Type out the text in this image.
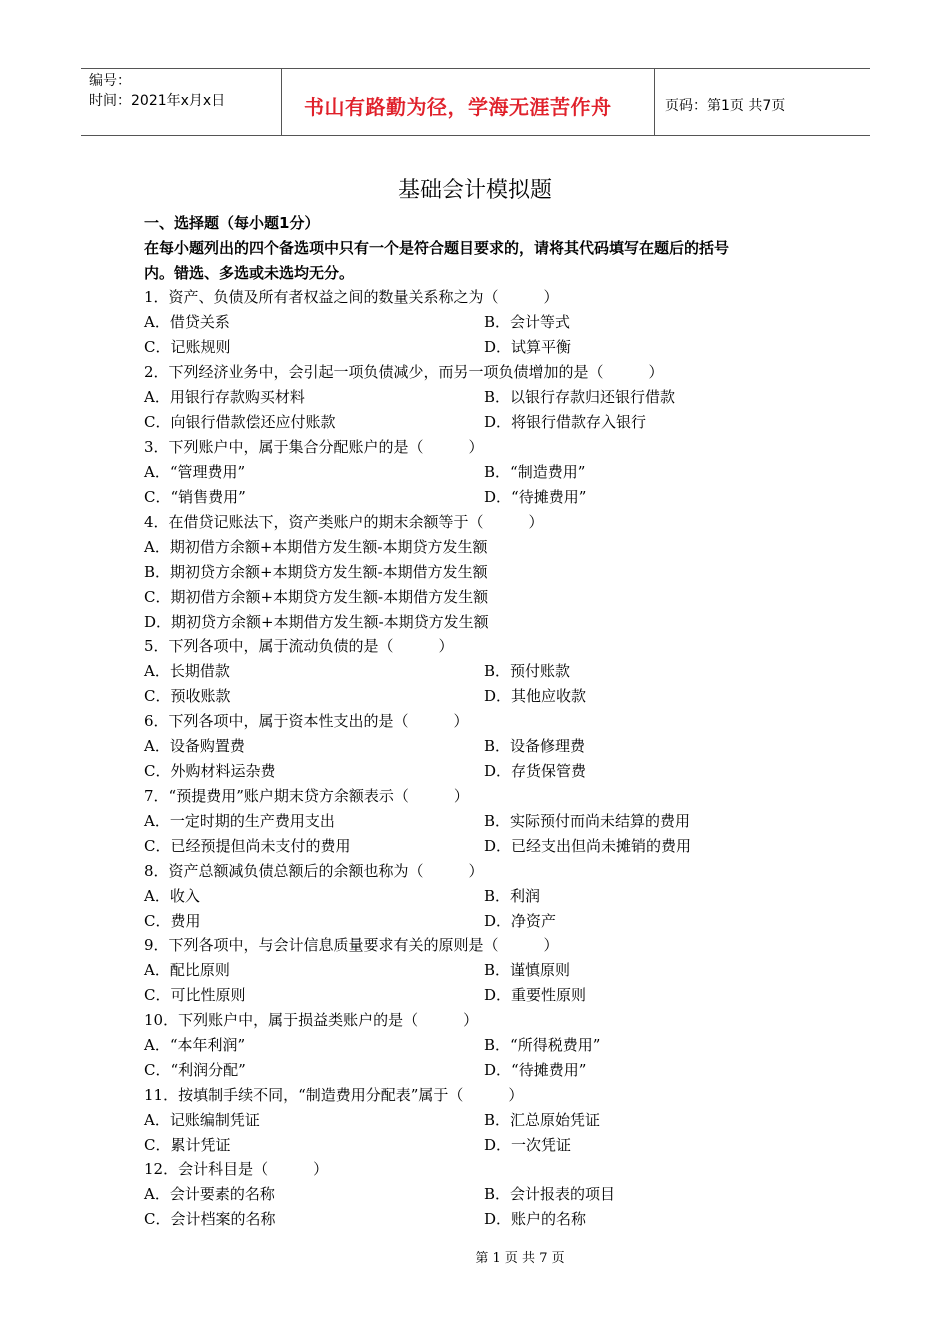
编号：
时间：2021年x月x日	书山有路勤为径，学海无涯苦作舟	页码：第1页 共7页
基础会计模拟题
一、选择题（每小题1分）
在每小题列出的四个备选项中只有一个是符合题目要求的，请将其代码填写在题后的括号
内。错选、多选或未选均无分。
1．资产、负债及所有者权益之间的数量关系称之为（　　　）
A．借贷关系	B．会计等式
C．记账规则	D．试算平衡
2．下列经济业务中，会引起一项负债减少，而另一项负债增加的是（　　　）
A．用银行存款购买材料	B．以银行存款归还银行借款
C．向银行借款偿还应付账款	D．将银行借款存入银行
3．下列账户中，属于集合分配账户的是（　　　）
A．“管理费用”	B．“制造费用”
C．“销售费用”	D．“待摊费用”
4．在借贷记账法下，资产类账户的期末余额等于（　　　）
A．期初借方余额+本期借方发生额-本期贷方发生额
B．期初贷方余额+本期贷方发生额-本期借方发生额
C．期初借方余额+本期贷方发生额-本期借方发生额
D．期初贷方余额+本期借方发生额-本期贷方发生额
5．下列各项中，属于流动负债的是（　　　）
A．长期借款	B．预付账款
C．预收账款	D．其他应收款
6．下列各项中，属于资本性支出的是（　　　）
A．设备购置费	B．设备修理费
C．外购材料运杂费	D．存货保管费
7．“预提费用”账户期末贷方余额表示（　　　）
A．一定时期的生产费用支出	B．实际预付而尚未结算的费用
C．已经预提但尚未支付的费用	D．已经支出但尚未摊销的费用
8．资产总额减负债总额后的余额也称为（　　　）
A．收入	B．利润
C．费用	D．净资产
9．下列各项中，与会计信息质量要求有关的原则是（　　　）
A．配比原则	B．谨慎原则
C．可比性原则	D．重要性原则
10．下列账户中，属于损益类账户的是（　　　）
A．“本年利润”	B．“所得税费用”
C．“利润分配”	D．“待摊费用”
11．按填制手续不同，“制造费用分配表”属于（　　　）
A．记账编制凭证	B．汇总原始凭证
C．累计凭证	D．一次凭证
12．会计科目是（　　　）
A．会计要素的名称	B．会计报表的项目
C．会计档案的名称	D．账户的名称
第 1 页 共 7 页
